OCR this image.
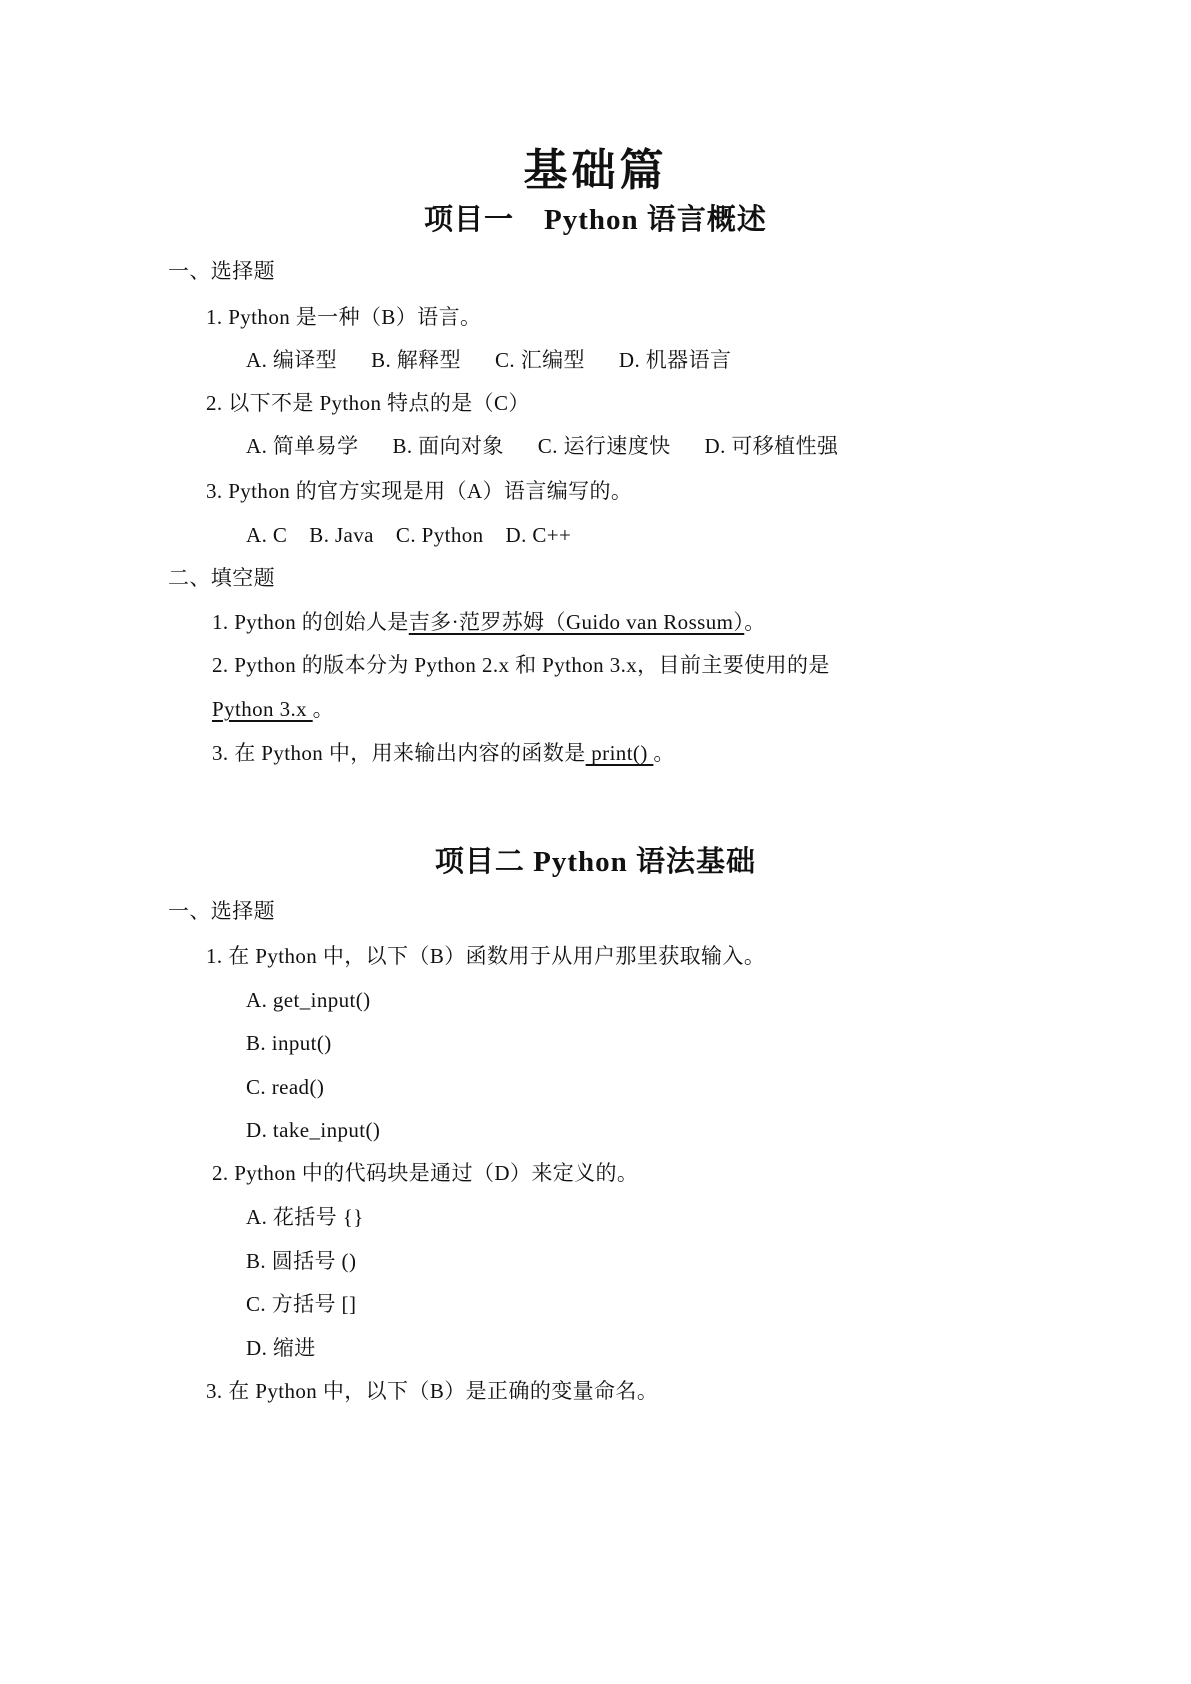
基础篇
项目一　Python 语言概述
一、选择题
1. Python 是一种（B）语言。
A. 编译型 B. 解释型 C. 汇编型 D. 机器语言
2. 以下不是 Python 特点的是（C）
A. 简单易学 B. 面向对象 C. 运行速度快 D. 可移植性强
3. Python 的官方实现是用（A）语言编写的。
A. C B. Java C. Python D. C++
二、填空题
1. Python 的创始人是吉多·范罗苏姆（Guido van Rossum）。
2. Python 的版本分为 Python 2.x 和 Python 3.x，目前主要使用的是
Python 3.x 。
3. 在 Python 中，用来输出内容的函数是 print() 。
项目二 Python 语法基础
一、选择题
1. 在 Python 中，以下（B）函数用于从用户那里获取输入。
A. get_input()
B. input()
C. read()
D. take_input()
2. Python 中的代码块是通过（D）来定义的。
A. 花括号 {}
B. 圆括号 ()
C. 方括号 []
D. 缩进
3. 在 Python 中，以下（B）是正确的变量命名。
